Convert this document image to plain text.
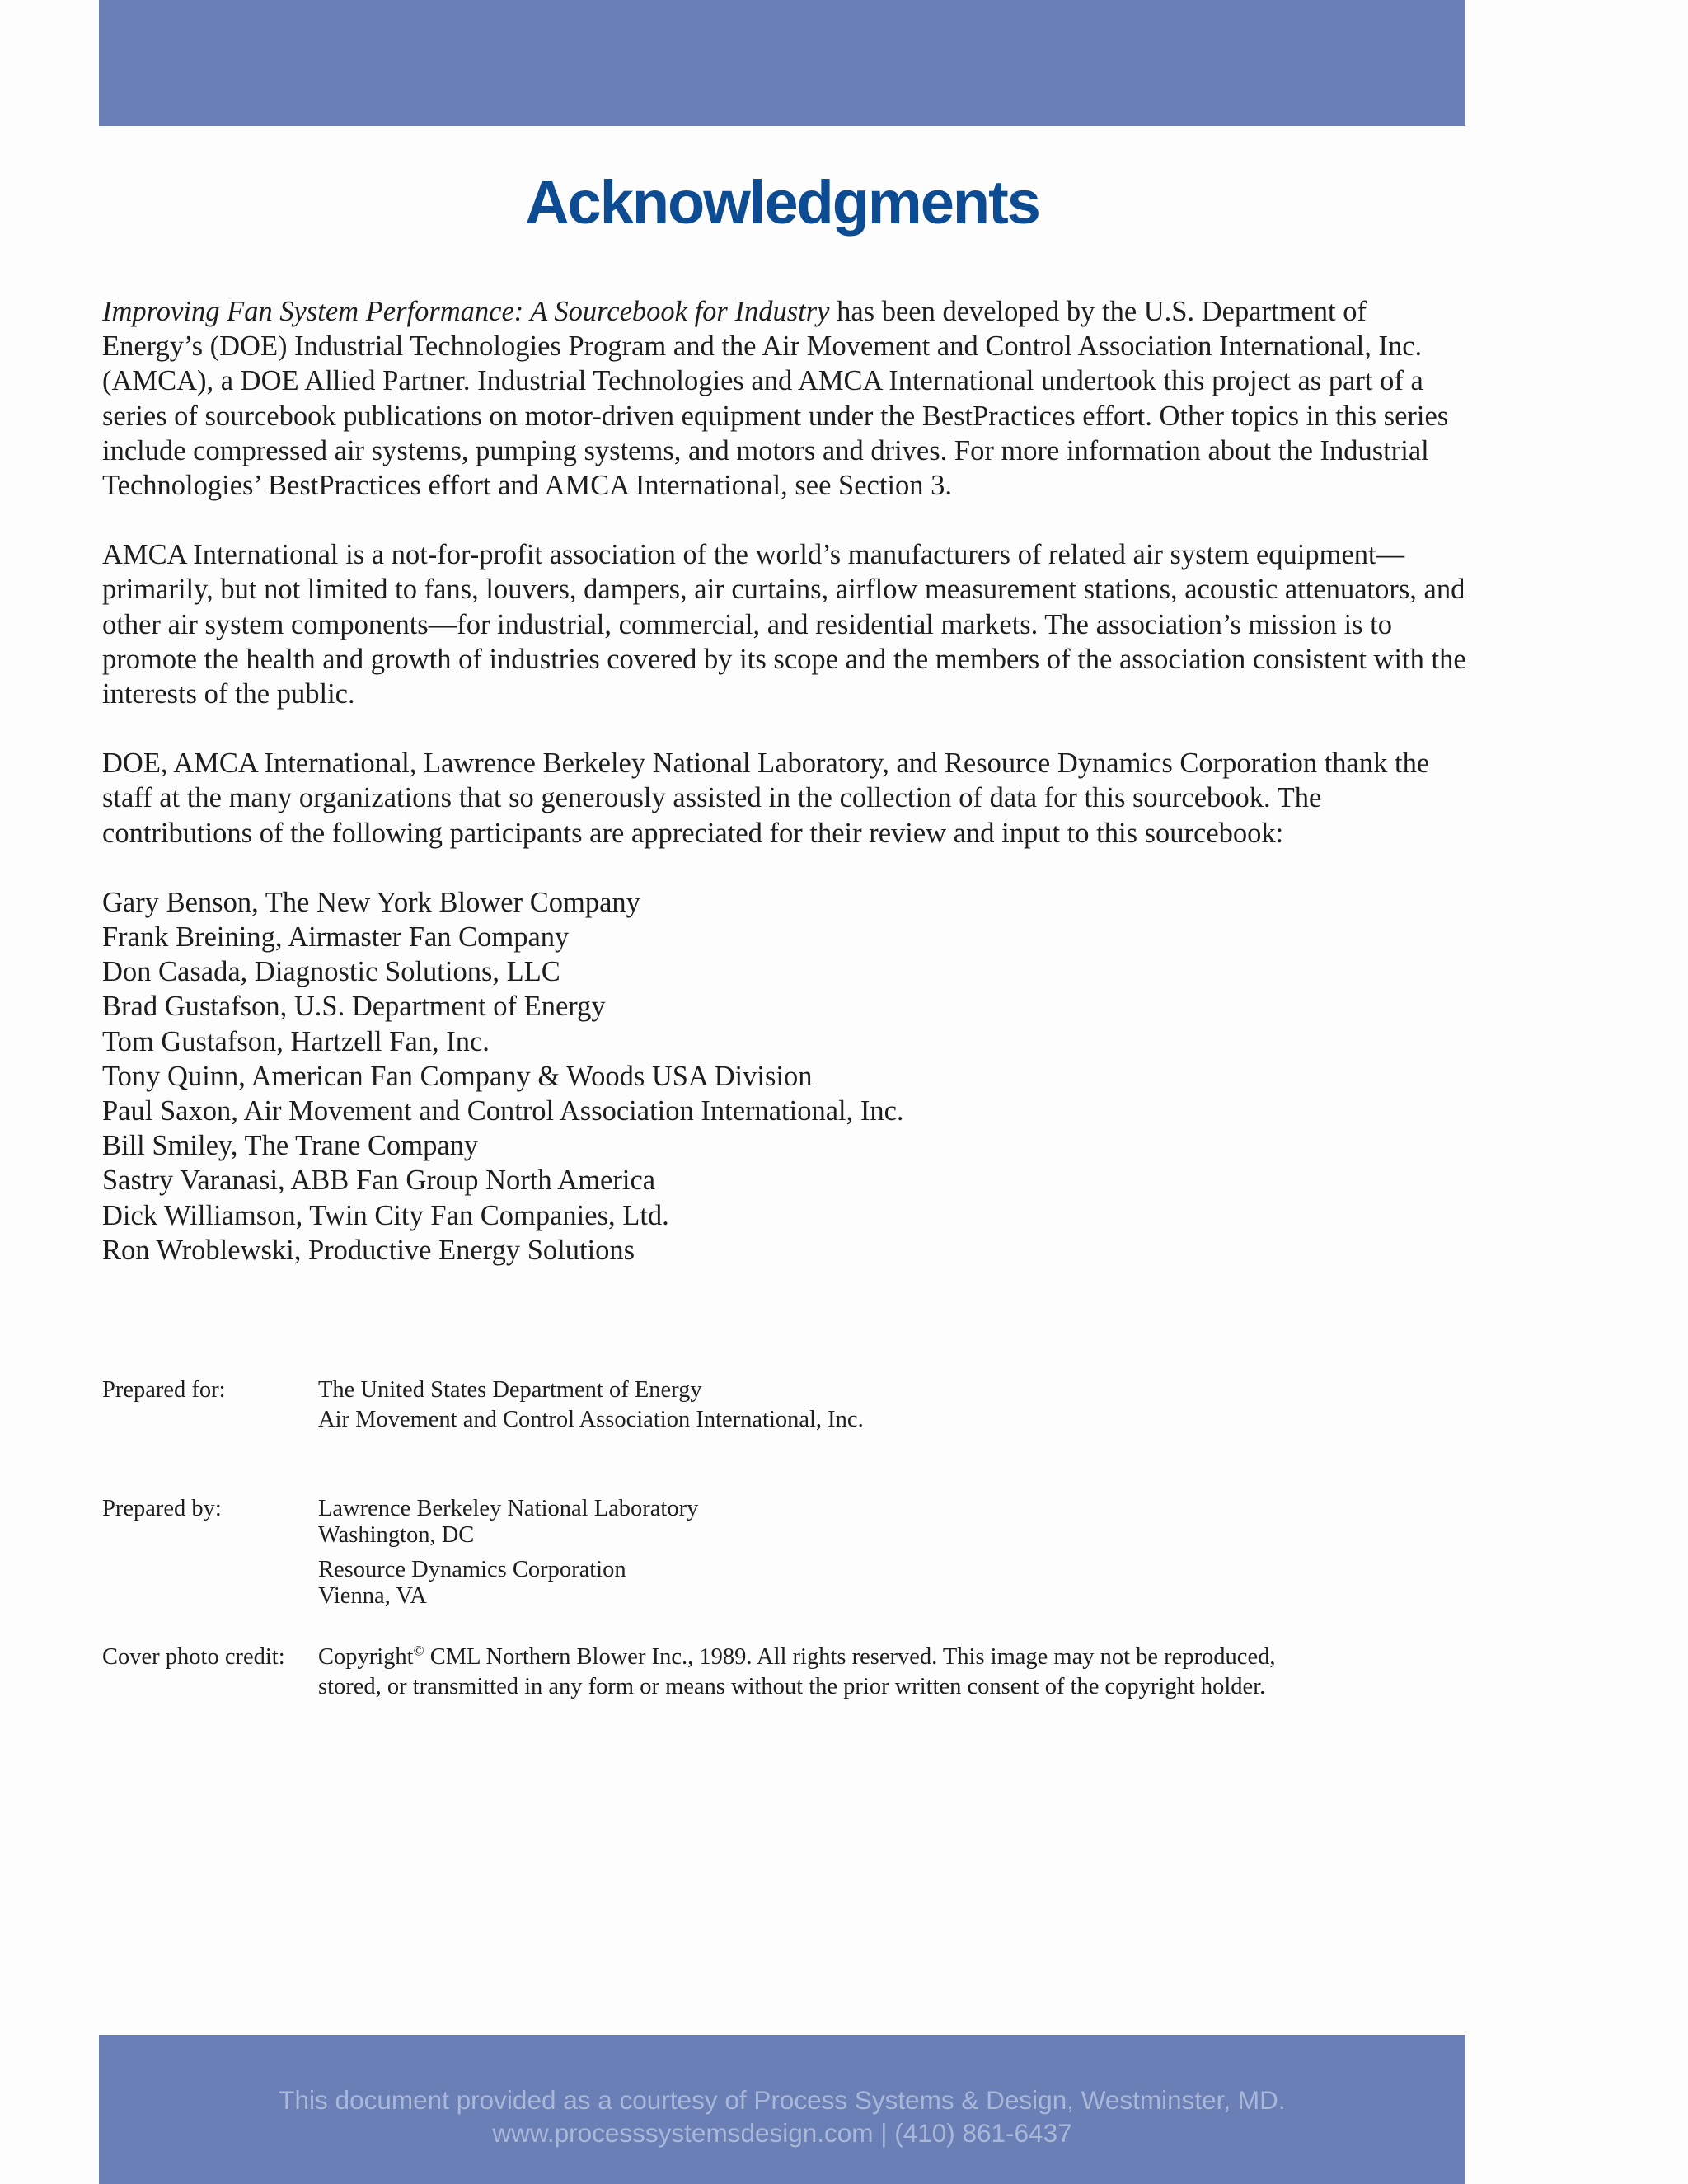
Acknowledgments

Improving Fan System Performance: A Sourcebook for Industry has been developed by the U.S. Department of Energy’s (DOE) Industrial Technologies Program and the Air Movement and Control Association International, Inc. (AMCA), a DOE Allied Partner. Industrial Technologies and AMCA International undertook this project as part of a series of sourcebook publications on motor-driven equipment under the BestPractices effort. Other topics in this series include compressed air systems, pumping systems, and motors and drives. For more information about the Industrial Technologies’ BestPractices effort and AMCA International, see Section 3.

AMCA International is a not-for-profit association of the world’s manufacturers of related air system equipment—primarily, but not limited to fans, louvers, dampers, air curtains, airflow measurement stations, acoustic attenuators, and other air system components—for industrial, commercial, and residential markets. The association’s mission is to promote the health and growth of industries covered by its scope and the members of the association consistent with the interests of the public.

DOE, AMCA International, Lawrence Berkeley National Laboratory, and Resource Dynamics Corporation thank the staff at the many organizations that so generously assisted in the collection of data for this sourcebook. The contributions of the following participants are appreciated for their review and input to this sourcebook:

Gary Benson, The New York Blower Company
Frank Breining, Airmaster Fan Company
Don Casada, Diagnostic Solutions, LLC
Brad Gustafson, U.S. Department of Energy
Tom Gustafson, Hartzell Fan, Inc.
Tony Quinn, American Fan Company & Woods USA Division
Paul Saxon, Air Movement and Control Association International, Inc.
Bill Smiley, The Trane Company
Sastry Varanasi, ABB Fan Group North America
Dick Williamson, Twin City Fan Companies, Ltd.
Ron Wroblewski, Productive Energy Solutions
Prepared for:	The United States Department of Energy
Air Movement and Control Association International, Inc.
Prepared by:	Lawrence Berkeley National Laboratory
Washington, DC
Resource Dynamics Corporation
Vienna, VA
Cover photo credit:	Copyright© CML Northern Blower Inc., 1989. All rights reserved. This image may not be reproduced,
stored, or transmitted in any form or means without the prior written consent of the copyright holder.
This document provided as a courtesy of Process Systems & Design, Westminster, MD.
www.processsystemsdesign.com | (410) 861-6437
